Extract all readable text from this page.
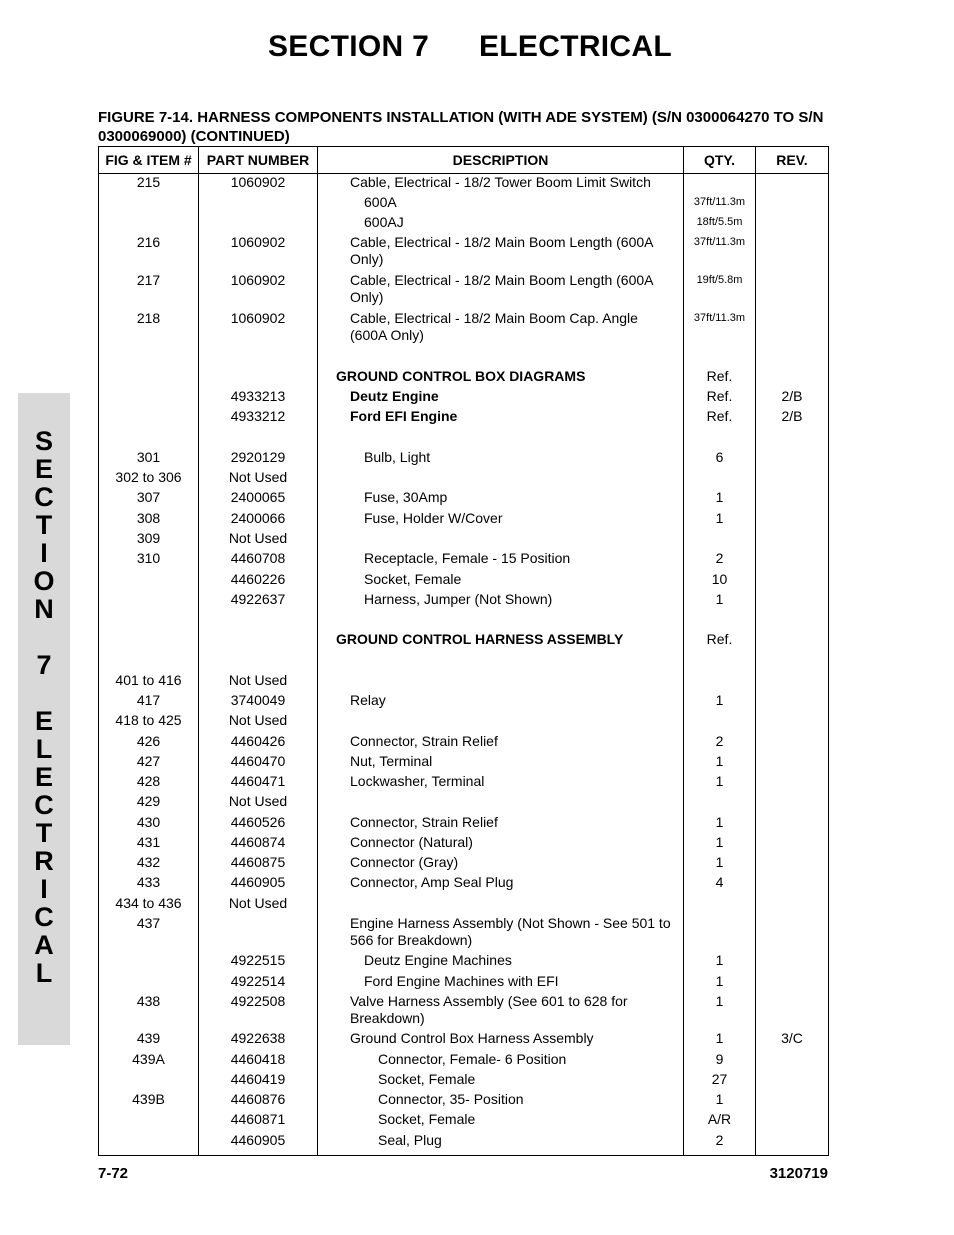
SECTION 7 ELECTRICAL
FIGURE 7-14. HARNESS COMPONENTS INSTALLATION (WITH ADE SYSTEM) (S/N 0300064270 TO S/N 0300069000) (CONTINUED)
S
E
C
T
I
O
N
7
E
L
E
C
T
R
I
C
A
L
FIG & ITEM #	PART NUMBER	DESCRIPTION	QTY.	REV.
215	1060902	Cable, Electrical - 18/2 Tower Boom Limit Switch		
		600A	37ft/11.3m	
		600AJ	18ft/5.5m	
216	1060902	Cable, Electrical - 18/2 Main Boom Length (600A Only)	37ft/11.3m	
217	1060902	Cable, Electrical - 18/2 Main Boom Length (600A Only)	19ft/5.8m	
218	1060902	Cable, Electrical - 18/2 Main Boom Cap. Angle (600A Only)	37ft/11.3m	

		GROUND CONTROL BOX DIAGRAMS	Ref.	
	4933213	Deutz Engine	Ref.	2/B
	4933212	Ford EFI Engine	Ref.	2/B

301	2920129	Bulb, Light	6	
302 to 306	Not Used			
307	2400065	Fuse, 30Amp	1	
308	2400066	Fuse, Holder W/Cover	1	
309	Not Used			
310	4460708	Receptacle, Female - 15 Position	2	
	4460226	Socket, Female	10	
	4922637	Harness, Jumper (Not Shown)	1	

		GROUND CONTROL HARNESS ASSEMBLY	Ref.	

401 to 416	Not Used			
417	3740049	Relay	1	
418 to 425	Not Used			
426	4460426	Connector, Strain Relief	2	
427	4460470	Nut, Terminal	1	
428	4460471	Lockwasher, Terminal	1	
429	Not Used			
430	4460526	Connector, Strain Relief	1	
431	4460874	Connector (Natural)	1	
432	4460875	Connector (Gray)	1	
433	4460905	Connector, Amp Seal Plug	4	
434 to 436	Not Used			
437		Engine Harness Assembly (Not Shown - See 501 to 566 for Breakdown)		
	4922515	Deutz Engine Machines	1	
	4922514	Ford Engine Machines with EFI	1	
438	4922508	Valve Harness Assembly (See 601 to 628 for Breakdown)	1	
439	4922638	Ground Control Box Harness Assembly	1	3/C
439A	4460418	Connector, Female- 6 Position	9	
	4460419	Socket, Female	27	
439B	4460876	Connector, 35- Position	1	
	4460871	Socket, Female	A/R	
	4460905	Seal, Plug	2	
7-72	3120719
